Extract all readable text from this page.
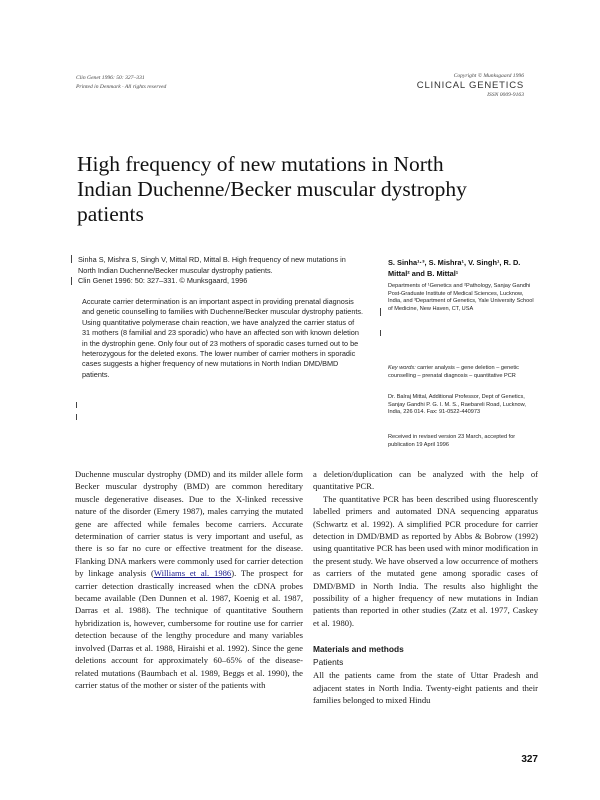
Clin Genet 1996: 50: 327–331
Printed in Denmark · All rights reserved
Copyright © Munksgaard 1996
CLINICAL GENETICS
ISSN 0009-9163
High frequency of new mutations in North Indian Duchenne/Becker muscular dystrophy patients
Sinha S, Mishra S, Singh V, Mittal RD, Mittal B. High frequency of new mutations in North Indian Duchenne/Becker muscular dystrophy patients.
Clin Genet 1996: 50: 327–331. © Munksgaard, 1996
Accurate carrier determination is an important aspect in providing prenatal diagnosis and genetic counselling to families with Duchenne/Becker muscular dystrophy patients. Using quantitative polymerase chain reaction, we have analyzed the carrier status of 31 mothers (8 familial and 23 sporadic) who have an affected son with known deletion in the dystrophin gene. Only four out of 23 mothers of sporadic cases turned out to be heterozygous for the deleted exons. The lower number of carrier mothers in sporadic cases suggests a higher frequency of new mutations in North Indian DMD/BMD patients.
S. Sinha¹·³, S. Mishra¹, V. Singh¹, R. D. Mittal² and B. Mittal¹
Departments of ¹Genetics and ²Pathology, Sanjay Gandhi Post-Graduate Institute of Medical Sciences, Lucknow, India, and ³Department of Genetics, Yale University School of Medicine, New Haven, CT, USA
Key words: carrier analysis – gene deletion – genetic counselling – prenatal diagnosis – quantitative PCR
Dr. Balraj Mittal, Additional Professor, Dept of Genetics, Sanjay Gandhi P. G. I. M. S., Raebareli Road, Lucknow, India, 226 014. Fax: 91-0522-440973
Received in revised version 23 March, accepted for publication 19 April 1996

Duchenne muscular dystrophy (DMD) and its milder allele form Becker muscular dystrophy (BMD) are common hereditary muscle degenerative diseases. Due to the X-linked recessive nature of the disorder (Emery 1987), males carrying the mutated gene are affected while females become carriers. Accurate determination of carrier status is very important and useful, as there is so far no cure or effective treatment for the disease. Flanking DNA markers were commonly used for carrier detection by linkage analysis (Williams et al. 1986). The prospect for carrier detection drastically increased when the cDNA probes became available (Den Dunnen et al. 1987, Koenig et al. 1987, Darras et al. 1988). The technique of quantitative Southern hybridization is, however, cumbersome for routine use for carrier detection because of the lengthy procedure and many variables involved (Darras et al. 1988, Hiraishi et al. 1992). Since the gene deletions account for approximately 60–65% of the disease-related mutations (Baumbach et al. 1989, Beggs et al. 1990), the carrier status of the mother or sister of the patients with

a deletion/duplication can be analyzed with the help of quantitative PCR.

The quantitative PCR has been described using fluorescently labelled primers and automated DNA sequencing apparatus (Schwartz et al. 1992). A simplified PCR procedure for carrier detection in DMD/BMD as reported by Abbs & Bobrow (1992) using quantitative PCR has been used with minor modification in the present study. We have observed a low occurrence of mothers as carriers of the mutated gene among sporadic cases of DMD/BMD in North India. The results also highlight the possibility of a higher frequency of new mutations in Indian patients than reported in other studies (Zatz et al. 1977, Caskey et al. 1980).

Materials and methods
Patients

All the patients came from the state of Uttar Pradesh and adjacent states in North India. Twenty-eight patients and their families belonged to mixed Hindu

327
